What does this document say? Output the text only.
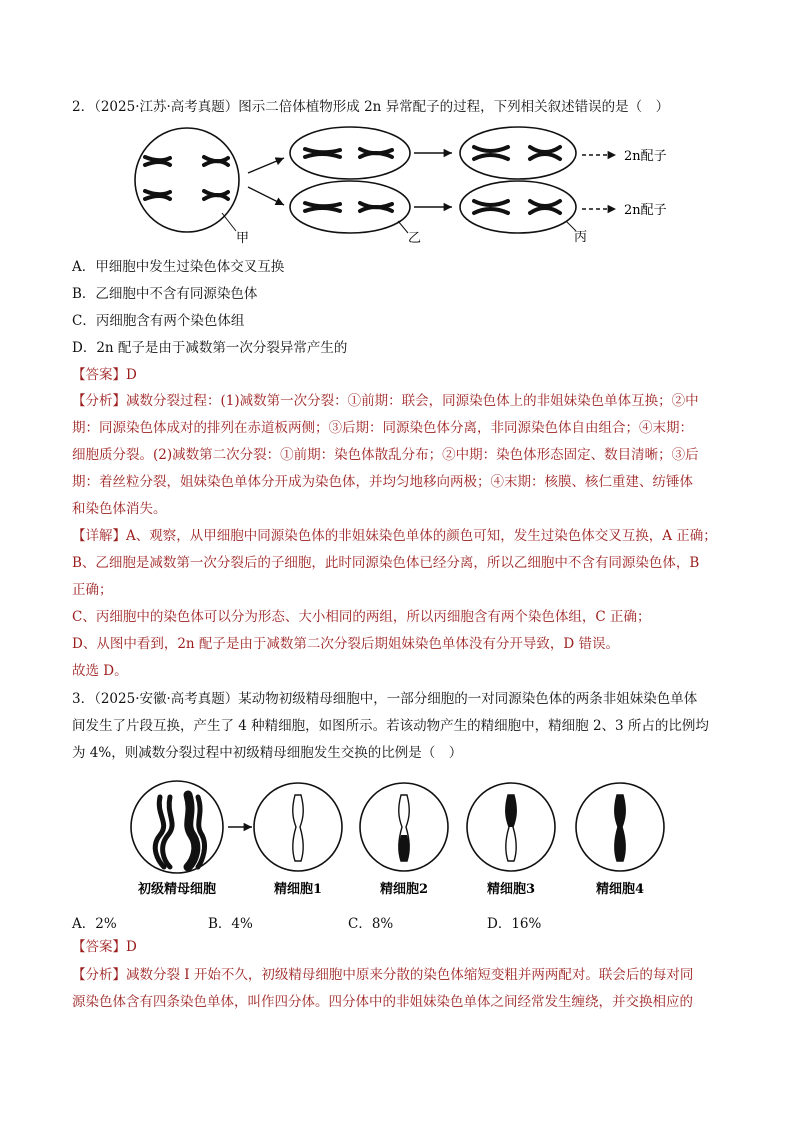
2．（2025·江苏·高考真题）图示二倍体植物形成 2n 异常配子的过程，下列相关叙述错误的是（　）
甲	乙	丙
2n配子
2n配子
A．甲细胞中发生过染色体交叉互换
B．乙细胞中不含有同源染色体
C．丙细胞含有两个染色体组
D．2n 配子是由于减数第一次分裂异常产生的
【答案】D
【分析】减数分裂过程：(1)减数第一次分裂：①前期：联会，同源染色体上的非姐妹染色单体互换；②中
期：同源染色体成对的排列在赤道板两侧；③后期：同源染色体分离，非同源染色体自由组合；④末期：
细胞质分裂。(2)减数第二次分裂：①前期：染色体散乱分布；②中期：染色体形态固定、数目清晰；③后
期：着丝粒分裂，姐妹染色单体分开成为染色体，并均匀地移向两极；④末期：核膜、核仁重建、纺锤体
和染色体消失。
【详解】A、观察，从甲细胞中同源染色体的非姐妹染色单体的颜色可知，发生过染色体交叉互换，A 正确；
B、乙细胞是减数第一次分裂后的子细胞，此时同源染色体已经分离，所以乙细胞中不含有同源染色体，B
正确；
C、丙细胞中的染色体可以分为形态、大小相同的两组，所以丙细胞含有两个染色体组，C 正确；
D、从图中看到，2n 配子是由于减数第二次分裂后期姐妹染色单体没有分开导致，D 错误。
故选 D。
3．（2025·安徽·高考真题）某动物初级精母细胞中，一部分细胞的一对同源染色体的两条非姐妹染色单体
间发生了片段互换，产生了 4 种精细胞，如图所示。若该动物产生的精细胞中，精细胞 2、3 所占的比例均
为 4%，则减数分裂过程中初级精母细胞发生交换的比例是（　）
初级精母细胞	精细胞1	精细胞2	精细胞3	精细胞4
A．2%	B．4%	C．8%	D．16%
【答案】D
【分析】减数分裂 I 开始不久，初级精母细胞中原来分散的染色体缩短变粗并两两配对。联会后的每对同
源染色体含有四条染色单体，叫作四分体。四分体中的非姐妹染色单体之间经常发生缠绕，并交换相应的
